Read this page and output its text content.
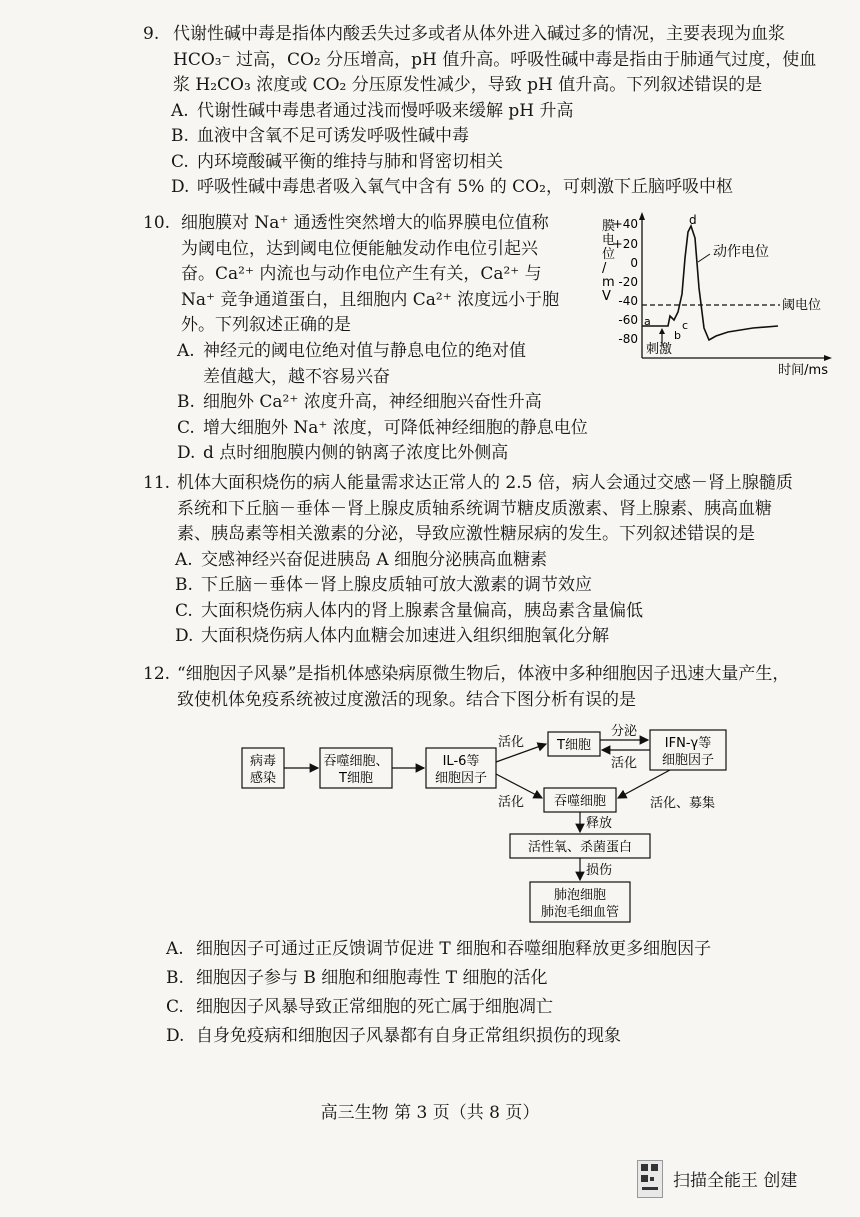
9. 代谢性碱中毒是指体内酸丢失过多或者从体外进入碱过多的情况，主要表现为血浆
HCO₃⁻ 过高，CO₂ 分压增高，pH 值升高。呼吸性碱中毒是指由于肺通气过度，使血
浆 H₂CO₃ 浓度或 CO₂ 分压原发性减少，导致 pH 值升高。下列叙述错误的是
A. 代谢性碱中毒患者通过浅而慢呼吸来缓解 pH 升高
B. 血液中含氧不足可诱发呼吸性碱中毒
C. 内环境酸碱平衡的维持与肺和肾密切相关
D. 呼吸性碱中毒患者吸入氧气中含有 5% 的 CO₂，可刺激下丘脑呼吸中枢
10. 细胞膜对 Na⁺ 通透性突然增大的临界膜电位值称
为阈电位，达到阈电位便能触发动作电位引起兴
奋。Ca²⁺ 内流也与动作电位产生有关，Ca²⁺ 与
Na⁺ 竞争通道蛋白，且细胞内 Ca²⁺ 浓度远小于胞
外。下列叙述正确的是
A. 神经元的阈电位绝对值与静息电位的绝对值
差值越大，越不容易兴奋
B. 细胞外 Ca²⁺ 浓度升高，神经细胞兴奋性升高
C. 增大细胞外 Na⁺ 浓度，可降低神经细胞的静息电位
D. d 点时细胞膜内侧的钠离子浓度比外侧高
膜电位/ m V
+40
+20
0
-20
-40
-60
-80
阈电位
d
a
b
c
刺激
动作电位
时间/ms
11. 机体大面积烧伤的病人能量需求达正常人的 2.5 倍，病人会通过交感－肾上腺髓质
系统和下丘脑－垂体－肾上腺皮质轴系统调节糖皮质激素、肾上腺素、胰高血糖
素、胰岛素等相关激素的分泌，导致应激性糖尿病的发生。下列叙述错误的是
A. 交感神经兴奋促进胰岛 A 细胞分泌胰高血糖素
B. 下丘脑－垂体－肾上腺皮质轴可放大激素的调节效应
C. 大面积烧伤病人体内的肾上腺素含量偏高，胰岛素含量偏低
D. 大面积烧伤病人体内血糖会加速进入组织细胞氧化分解
12. “细胞因子风暴”是指机体感染病原微生物后，体液中多种细胞因子迅速大量产生，
致使机体免疫系统被过度激活的现象。结合下图分析有误的是
病毒
感染
吞噬细胞、
T细胞
IL-6等
细胞因子
T细胞	IFN-γ等
细胞因子
吞噬细胞
活性氧、杀菌蛋白
肺泡细胞
肺泡毛细血管
活化
活化
分泌
活化
活化、募集
释放
损伤
A. 细胞因子可通过正反馈调节促进 T 细胞和吞噬细胞释放更多细胞因子
B. 细胞因子参与 B 细胞和细胞毒性 T 细胞的活化
C. 细胞因子风暴导致正常细胞的死亡属于细胞凋亡
D. 自身免疫病和细胞因子风暴都有自身正常组织损伤的现象
高三生物 第 3 页（共 8 页）
扫描全能王 创建
